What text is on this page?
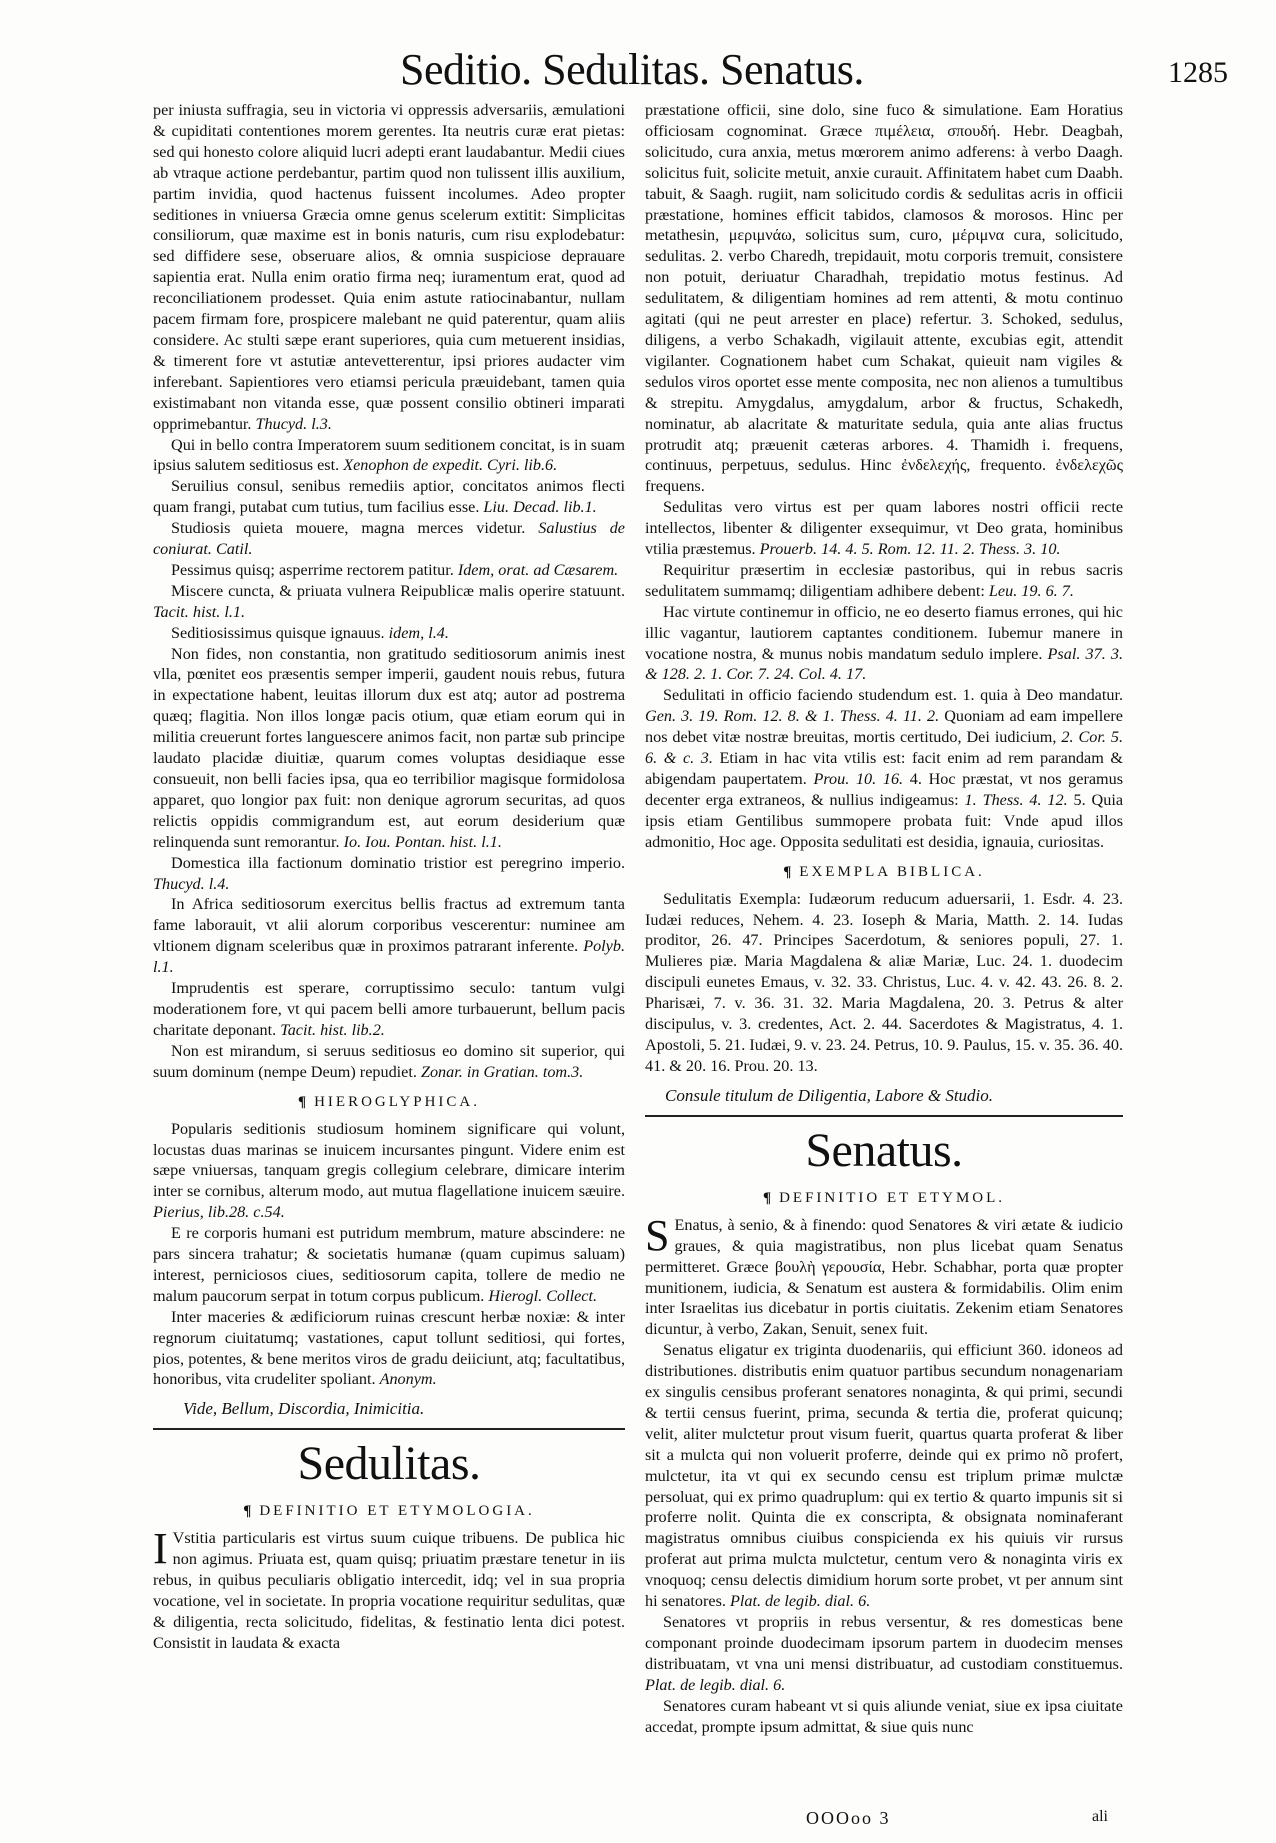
Seditio. Sedulitas. Senatus.	1285

per iniusta suffragia, seu in victoria vi oppressis adversariis, æmulationi & cupiditati contentiones morem gerentes. Ita neutris curæ erat pietas: sed qui honesto colore aliquid lucri adepti erant laudabantur. Medii ciues ab vtraque actione perdebantur, partim quod non tulissent illis auxilium, partim invidia, quod hactenus fuissent incolumes. Adeo propter seditiones in vniuersa Græcia omne genus scelerum extitit: Simplicitas consiliorum, quæ maxime est in bonis naturis, cum risu explodebatur: sed diffidere sese, obseruare alios, & omnia suspiciose deprauare sapientia erat. Nulla enim oratio firma neq; iuramentum erat, quod ad reconciliationem prodesset. Quia enim astute ratiocinabantur, nullam pacem firmam fore, prospicere malebant ne quid paterentur, quam aliis considere. Ac stulti sæpe erant superiores, quia cum metuerent insidias, & timerent fore vt astutiæ antevetterentur, ipsi priores audacter vim inferebant. Sapientiores vero etiamsi pericula præuidebant, tamen quia existimabant non vitanda esse, quæ possent consilio obtineri imparati opprimebantur. Thucyd. l.3.

Qui in bello contra Imperatorem suum seditionem concitat, is in suam ipsius salutem seditiosus est. Xenophon de expedit. Cyri. lib.6.

Seruilius consul, senibus remediis aptior, concitatos animos flecti quam frangi, putabat cum tutius, tum facilius esse. Liu. Decad. lib.1.

Studiosis quieta mouere, magna merces videtur. Salustius de coniurat. Catil.

Pessimus quisq; asperrime rectorem patitur. Idem, orat. ad Cæsarem.

Miscere cuncta, & priuata vulnera Reipublicæ malis operire statuunt. Tacit. hist. l.1.

Seditiosissimus quisque ignauus. idem, l.4.

Non fides, non constantia, non gratitudo seditiosorum animis inest vlla, pœnitet eos præsentis semper imperii, gaudent nouis rebus, futura in expectatione habent, leuitas illorum dux est atq; autor ad postrema quæq; flagitia. Non illos longæ pacis otium, quæ etiam eorum qui in militia creuerunt fortes languescere animos facit, non partæ sub principe laudato placidæ diuitiæ, quarum comes voluptas desidiaque esse consueuit, non belli facies ipsa, qua eo terribilior magisque formidolosa apparet, quo longior pax fuit: non denique agrorum securitas, ad quos relictis oppidis commigrandum est, aut eorum desiderium quæ relinquenda sunt remorantur. Io. Iou. Pontan. hist. l.1.

Domestica illa factionum dominatio tristior est peregrino imperio. Thucyd. l.4.

In Africa seditiosorum exercitus bellis fractus ad extremum tanta fame laborauit, vt alii alorum corporibus vescerentur: numinee am vltionem dignam sceleribus quæ in proximos patrarant inferente. Polyb. l.1.

Imprudentis est sperare, corruptissimo seculo: tantum vulgi moderationem fore, vt qui pacem belli amore turbauerunt, bellum pacis charitate deponant. Tacit. hist. lib.2.

Non est mirandum, si seruus seditiosus eo domino sit superior, qui suum dominum (nempe Deum) repudiet. Zonar. in Gratian. tom.3.

¶ HIEROGLYPHICA.

Popularis seditionis studiosum hominem significare qui volunt, locustas duas marinas se inuicem incursantes pingunt. Videre enim est sæpe vniuersas, tanquam gregis collegium celebrare, dimicare interim inter se cornibus, alterum modo, aut mutua flagellatione inuicem sæuire. Pierius, lib.28. c.54.

E re corporis humani est putridum membrum, mature abscindere: ne pars sincera trahatur; & societatis humanæ (quam cupimus saluam) interest, perniciosos ciues, seditiosorum capita, tollere de medio ne malum paucorum serpat in totum corpus publicum. Hierogl. Collect.

Inter maceries & ædificiorum ruinas crescunt herbæ noxiæ: & inter regnorum ciuitatumq; vastationes, caput tollunt seditiosi, qui fortes, pios, potentes, & bene meritos viros de gradu deiiciunt, atq; facultatibus, honoribus, vita crudeliter spoliant. Anonym.

Vide, Bellum, Discordia, Inimicitia.
Sedulitas.
¶ DEFINITIO ET ETYMOLOGIA.

I Vstitia particularis est virtus suum cuique tribuens. De publica hic non agimus. Priuata est, quam quisq; priuatim præstare tenetur in iis rebus, in quibus peculiaris obligatio intercedit, idq; vel in sua propria vocatione, vel in societate. In propria vocatione requiritur sedulitas, quæ & diligentia, recta solicitudo, fidelitas, & festinatio lenta dici potest. Consistit in laudata & exacta

præstatione officii, sine dolo, sine fuco & simulatione. Eam Horatius officiosam cognominat. Græce πιμέλεια, σπουδή. Hebr. Deagbah, solicitudo, cura anxia, metus mœrorem animo adferens: à verbo Daagh. solicitus fuit, solicite metuit, anxie curauit. Affinitatem habet cum Daabh. tabuit, & Saagh. rugiit, nam solicitudo cordis & sedulitas acris in officii præstatione, homines efficit tabidos, clamosos & morosos. Hinc per metathesin, μεριμνάω, solicitus sum, curo, μέριμνα cura, solicitudo, sedulitas. 2. verbo Charedh, trepidauit, motu corporis tremuit, consistere non potuit, deriuatur Charadhah, trepidatio motus festinus. Ad sedulitatem, & diligentiam homines ad rem attenti, & motu continuo agitati (qui ne peut arrester en place) refertur. 3. Schoked, sedulus, diligens, a verbo Schakadh, vigilauit attente, excubias egit, attendit vigilanter. Cognationem habet cum Schakat, quieuit nam vigiles & sedulos viros oportet esse mente composita, nec non alienos a tumultibus & strepitu. Amygdalus, amygdalum, arbor & fructus, Schakedh, nominatur, ab alacritate & maturitate sedula, quia ante alias fructus protrudit atq; præuenit cæteras arbores. 4. Thamidh i. frequens, continuus, perpetuus, sedulus. Hinc ἐνδελεχής, frequento. ἐνδελεχῶς frequens.

Sedulitas vero virtus est per quam labores nostri officii recte intellectos, libenter & diligenter exsequimur, vt Deo grata, hominibus vtilia præstemus. Prouerb. 14. 4. 5. Rom. 12. 11. 2. Thess. 3. 10.

Requiritur præsertim in ecclesiæ pastoribus, qui in rebus sacris sedulitatem summamq; diligentiam adhibere debent: Leu. 19. 6. 7.

Hac virtute continemur in officio, ne eo deserto fiamus errones, qui hic illic vagantur, lautiorem captantes conditionem. Iubemur manere in vocatione nostra, & munus nobis mandatum sedulo implere. Psal. 37. 3. & 128. 2. 1. Cor. 7. 24. Col. 4. 17.

Sedulitati in officio faciendo studendum est. 1. quia à Deo mandatur. Gen. 3. 19. Rom. 12. 8. & 1. Thess. 4. 11. 2. Quoniam ad eam impellere nos debet vitæ nostræ breuitas, mortis certitudo, Dei iudicium, 2. Cor. 5. 6. & c. 3. Etiam in hac vita vtilis est: facit enim ad rem parandam & abigendam paupertatem. Prou. 10. 16. 4. Hoc præstat, vt nos geramus decenter erga extraneos, & nullius indigeamus: 1. Thess. 4. 12. 5. Quia ipsis etiam Gentilibus summopere probata fuit: Vnde apud illos admonitio, Hoc age. Opposita sedulitati est desidia, ignauia, curiositas.

¶ EXEMPLA BIBLICA.

Sedulitatis Exempla: Iudæorum reducum aduersarii, 1. Esdr. 4. 23. Iudæi reduces, Nehem. 4. 23. Ioseph & Maria, Matth. 2. 14. Iudas proditor, 26. 47. Principes Sacerdotum, & seniores populi, 27. 1. Mulieres piæ. Maria Magdalena & aliæ Mariæ, Luc. 24. 1. duodecim discipuli eunetes Emaus, v. 32. 33. Christus, Luc. 4. v. 42. 43. 26. 8. 2. Pharisæi, 7. v. 36. 31. 32. Maria Magdalena, 20. 3. Petrus & alter discipulus, v. 3. credentes, Act. 2. 44. Sacerdotes & Magistratus, 4. 1. Apostoli, 5. 21. Iudæi, 9. v. 23. 24. Petrus, 10. 9. Paulus, 15. v. 35. 36. 40. 41. & 20. 16. Prou. 20. 13.

Consule titulum de Diligentia, Labore & Studio.
Senatus.
¶ DEFINITIO ET ETYMOL.

S Enatus, à senio, & à finendo: quod Senatores & viri ætate & iudicio graues, & quia magistratibus, non plus licebat quam Senatus permitteret. Græce βουλὴ γερουσία, Hebr. Schabhar, porta quæ propter munitionem, iudicia, & Senatum est austera & formidabilis. Olim enim inter Israelitas ius dicebatur in portis ciuitatis. Zekenim etiam Senatores dicuntur, à verbo, Zakan, Senuit, senex fuit.

Senatus eligatur ex triginta duodenariis, qui efficiunt 360. idoneos ad distributiones. distributis enim quatuor partibus secundum nonagenariam ex singulis censibus proferant senatores nonaginta, & qui primi, secundi & tertii census fuerint, prima, secunda & tertia die, proferat quicunq; velit, aliter mulctetur prout visum fuerit, quartus quarta proferat & liber sit a mulcta qui non voluerit proferre, deinde qui ex primo nõ profert, mulctetur, ita vt qui ex secundo censu est triplum primæ mulctæ persoluat, qui ex primo quadruplum: qui ex tertio & quarto impunis sit si proferre nolit. Quinta die ex conscripta, & obsignata nominaferant magistratus omnibus ciuibus conspicienda ex his quiuis vir rursus proferat aut prima mulcta mulctetur, centum vero & nonaginta viris ex vnoquoq; censu delectis dimidium horum sorte probet, vt per annum sint hi senatores. Plat. de legib. dial. 6.

Senatores vt propriis in rebus versentur, & res domesticas bene componant proinde duodecimam ipsorum partem in duodecim menses distribuatam, vt vna uni mensi distribuatur, ad custodiam constituemus. Plat. de legib. dial. 6.

Senatores curam habeant vt si quis aliunde veniat, siue ex ipsa ciuitate accedat, prompte ipsum admittat, & siue quis nunc

OOOoo 3	ali
